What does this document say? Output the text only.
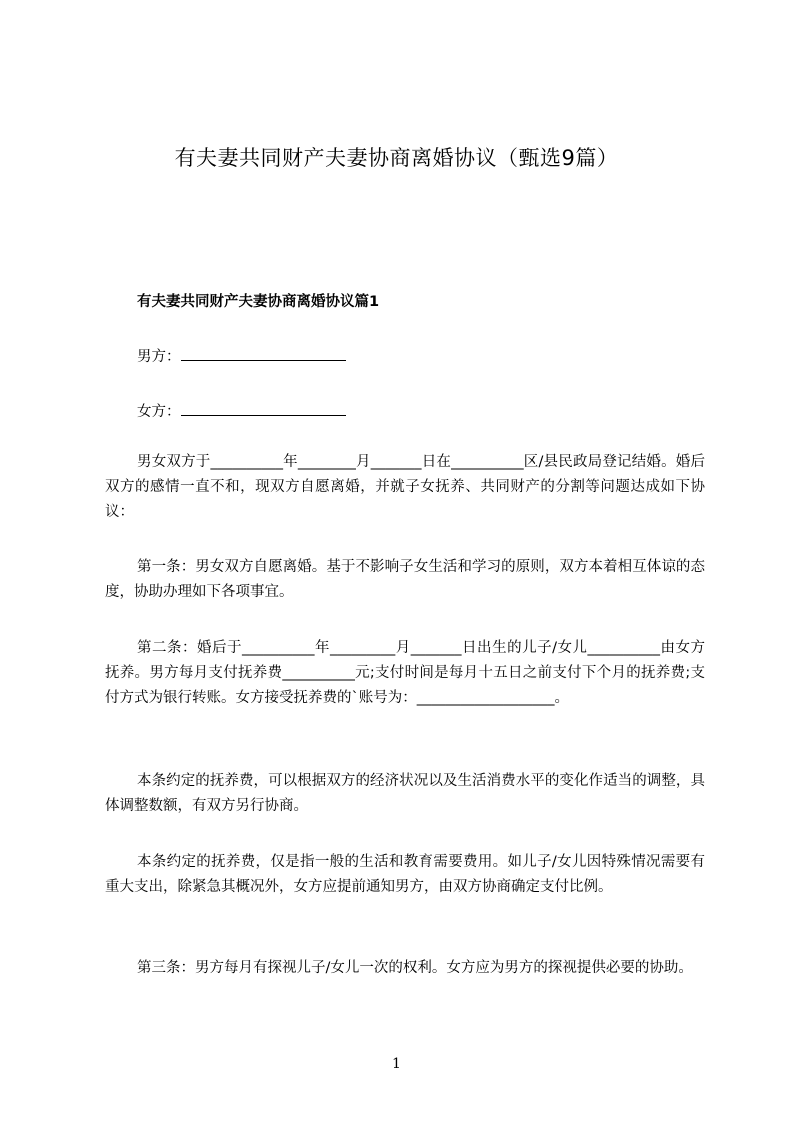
有夫妻共同财产夫妻协商离婚协议（甄选9篇）
有夫妻共同财产夫妻协商离婚协议篇1
男方：
女方：

男女双方于__________年________月_______日在__________区/县民政局登记结婚。婚后双方的感情一直不和，现双方自愿离婚，并就子女抚养、共同财产的分割等问题达成如下协议：

第一条：男女双方自愿离婚。基于不影响子女生活和学习的原则，双方本着相互体谅的态度，协助办理如下各项事宜。

第二条：婚后于__________年_________月_______日出生的儿子/女儿__________由女方抚养。男方每月支付抚养费__________元;支付时间是每月十五日之前支付下个月的抚养费;支付方式为银行转账。女方接受抚养费的`账号为：___________________。

本条约定的抚养费，可以根据双方的经济状况以及生活消费水平的变化作适当的调整，具体调整数额，有双方另行协商。

本条约定的抚养费，仅是指一般的生活和教育需要费用。如儿子/女儿因特殊情况需要有重大支出，除紧急其概况外，女方应提前通知男方，由双方协商确定支付比例。

第三条：男方每月有探视儿子/女儿一次的权利。女方应为男方的探视提供必要的协助。

1
